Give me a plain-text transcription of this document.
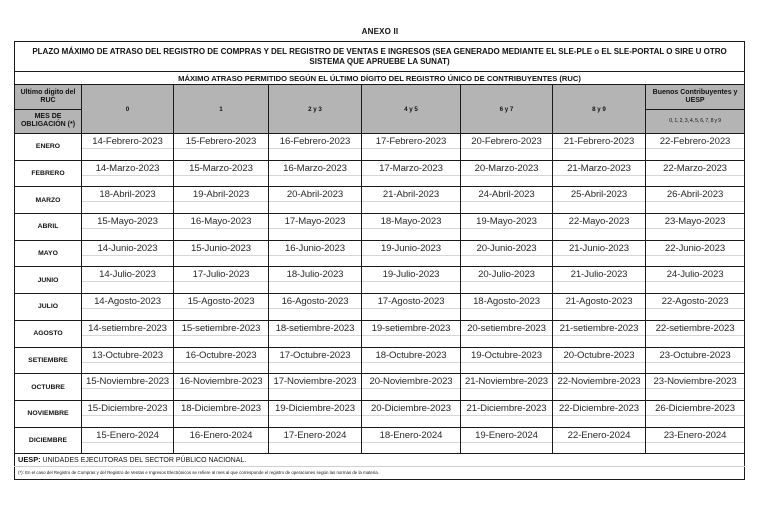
ANEXO II
PLAZO MÁXIMO DE ATRASO DEL REGISTRO DE COMPRAS Y DEL REGISTRO DE VENTAS E INGRESOS (SEA GENERADO MEDIANTE EL SLE-PLE o EL SLE-PORTAL O SIRE U OTRO SISTEMA QUE APRUEBE LA SUNAT)							
MÁXIMO ATRASO PERMITIDO SEGÚN EL ÚLTIMO DÍGITO DEL REGISTRO ÚNICO DE CONTRIBUYENTES (RUC)							
Ultimo digito del RUC	0	1	2 y 3	4 y 5	6 y 7	8 y 9	Buenos Contribuyentes y UESP
MES DE OBLIGACIÓN (*)							0, 1, 2, 3, 4, 5, 6, 7, 8 y 9
ENERO	14-Febrero-2023	15-Febrero-2023	16-Febrero-2023	17-Febrero-2023	20-Febrero-2023	21-Febrero-2023	22-Febrero-2023

FEBRERO	14-Marzo-2023	15-Marzo-2023	16-Marzo-2023	17-Marzo-2023	20-Marzo-2023	21-Marzo-2023	22-Marzo-2023

MARZO	18-Abril-2023	19-Abril-2023	20-Abril-2023	21-Abril-2023	24-Abril-2023	25-Abril-2023	26-Abril-2023

ABRIL	15-Mayo-2023	16-Mayo-2023	17-Mayo-2023	18-Mayo-2023	19-Mayo-2023	22-Mayo-2023	23-Mayo-2023

MAYO	14-Junio-2023	15-Junio-2023	16-Junio-2023	19-Junio-2023	20-Junio-2023	21-Junio-2023	22-Junio-2023

JUNIO	14-Julio-2023	17-Julio-2023	18-Julio-2023	19-Julio-2023	20-Julio-2023	21-Julio-2023	24-Julio-2023

JULIO	14-Agosto-2023	15-Agosto-2023	16-Agosto-2023	17-Agosto-2023	18-Agosto-2023	21-Agosto-2023	22-Agosto-2023

AGOSTO	14-setiembre-2023	15-setiembre-2023	18-setiembre-2023	19-setiembre-2023	20-setiembre-2023	21-setiembre-2023	22-setiembre-2023

SETIEMBRE	13-Octubre-2023	16-Octubre-2023	17-Octubre-2023	18-Octubre-2023	19-Octubre-2023	20-Octubre-2023	23-Octubre-2023

OCTUBRE	15-Noviembre-2023	16-Noviembre-2023	17-Noviembre-2023	20-Noviembre-2023	21-Noviembre-2023	22-Noviembre-2023	23-Noviembre-2023

NOVIEMBRE	15-Diciembre-2023	18-Diciembre-2023	19-Diciembre-2023	20-Diciembre-2023	21-Diciembre-2023	22-Diciembre-2023	26-Diciembre-2023

DICIEMBRE	15-Enero-2024	16-Enero-2024	17-Enero-2024	18-Enero-2024	19-Enero-2024	22-Enero-2024	23-Enero-2024

UESP: UNIDADES EJECUTORAS DEL SECTOR PÚBLICO NACIONAL.							
(*): En el caso del Registro de Compras y del Registro de Ventas e Ingresos Electrónicos se refiere al mes al que corresponde el registro de operaciones según las normas de la materia.							
